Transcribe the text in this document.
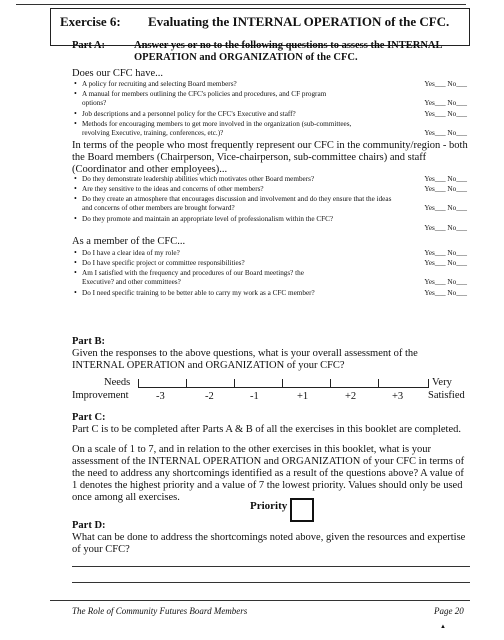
Exercise 6: Evaluating the INTERNAL OPERATION of the CFC.
Part A:	Answer yes or no to the following questions to assess the INTERNAL OPERATION and ORGANIZATION of the CFC.
Does our CFC have...
• A policy for recruiting and selecting Board members?	Yes___ No___
• A manual for members outlining the CFC's policies and procedures, and CF program options?	Yes___ No___
• Job descriptions and a personnel policy for the CFC's Executive and staff?	Yes___ No___
• Methods for encouraging members to get more involved in the organization (sub-committees, revolving Executive, training, conferences, etc.)?	Yes___ No___
In terms of the people who most frequently represent our CFC in the community/region - both the Board members (Chairperson, Vice-chairperson, sub-committee chairs) and staff (Coordinator and other employees)...
• Do they demonstrate leadership abilities which motivates other Board members?	Yes___ No___
• Are they sensitive to the ideas and concerns of other members?	Yes___ No___
• Do they create an atmosphere that encourages discussion and involvement and do they ensure that the ideas and concerns of other members are brought forward?	Yes___ No___
• Do they promote and maintain an appropriate level of professionalism within the CFC?
Yes___ No___
As a member of the CFC...
• Do I have a clear idea of my role?	Yes___ No___
• Do I have specific project or committee responsibilities?	Yes___ No___
• Am I satisfied with the frequency and procedures of our Board meetings? the Executive? and other committees?	Yes___ No___
• Do I need specific training to be better able to carry my work as a CFC member?	Yes___ No___
Part B:
Given the responses to the above questions, what is your overall assessment of the INTERNAL OPERATION and ORGANIZATION of your CFC?
Needs
Improvement
Very
Satisfied
-3	-2	-1	+1	+2	+3
Part C:
Part C is to be completed after Parts A & B of all the exercises in this booklet are completed.
On a scale of 1 to 7, and in relation to the other exercises in this booklet, what is your assessment of the INTERNAL OPERATION and ORGANIZATION of your CFC in terms of the need to address any shortcomings identified as a result of the questions above? A value of 1 denotes the highest priority and a value of 7 the lowest priority. Values should only be used once among all exercises.
Priority
Part D:
What can be done to address the shortcomings noted above, given the resources and expertise of your CFC?
The Role of Community Futures Board Members	Page 20
▲
